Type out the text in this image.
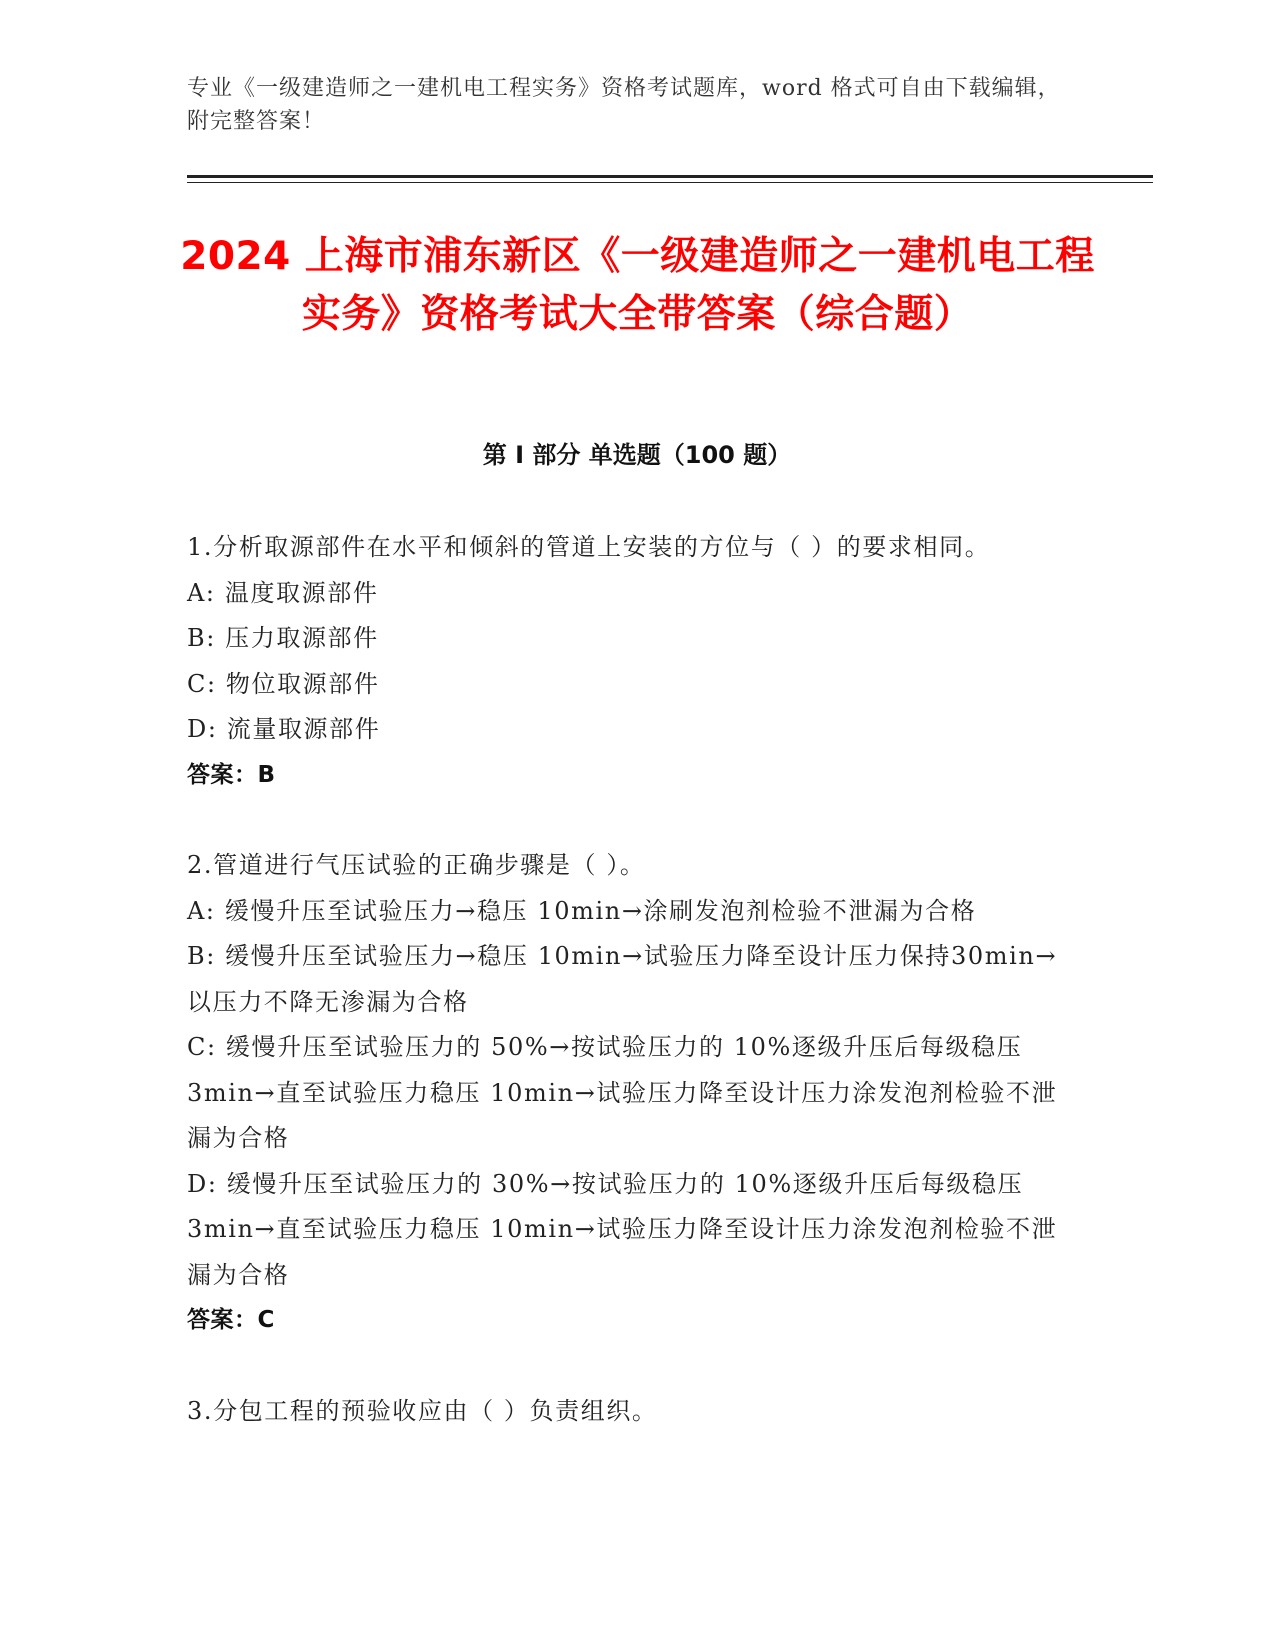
专业《一级建造师之一建机电工程实务》资格考试题库，word 格式可自由下载编辑，附完整答案！
2024 上海市浦东新区《一级建造师之一建机电工程实务》资格考试大全带答案（综合题）
第 I 部分 单选题（100 题）
1 . 分析取源部件在水平和倾斜的管道上安装的方位与（ ）的要求相同。
A: 温度取源部件
B: 压力取源部件
C: 物位取源部件
D: 流量取源部件
答案：B
2 . 管道进行气压试验的正确步骤是（ ）。
A: 缓慢升压至试验压力→稳压 10min→涂刷发泡剂检验不泄漏为合格
B: 缓慢升压至试验压力→稳压 10min→试验压力降至设计压力保持30min→以压力不降无渗漏为合格
C: 缓慢升压至试验压力的 50%→按试验压力的 10%逐级升压后每级稳压 3min→直至试验压力稳压 10min→试验压力降至设计压力涂发泡剂检验不泄漏为合格
D: 缓慢升压至试验压力的 30%→按试验压力的 10%逐级升压后每级稳压 3min→直至试验压力稳压 10min→试验压力降至设计压力涂发泡剂检验不泄漏为合格
答案：C
3 . 分包工程的预验收应由（ ）负责组织。
